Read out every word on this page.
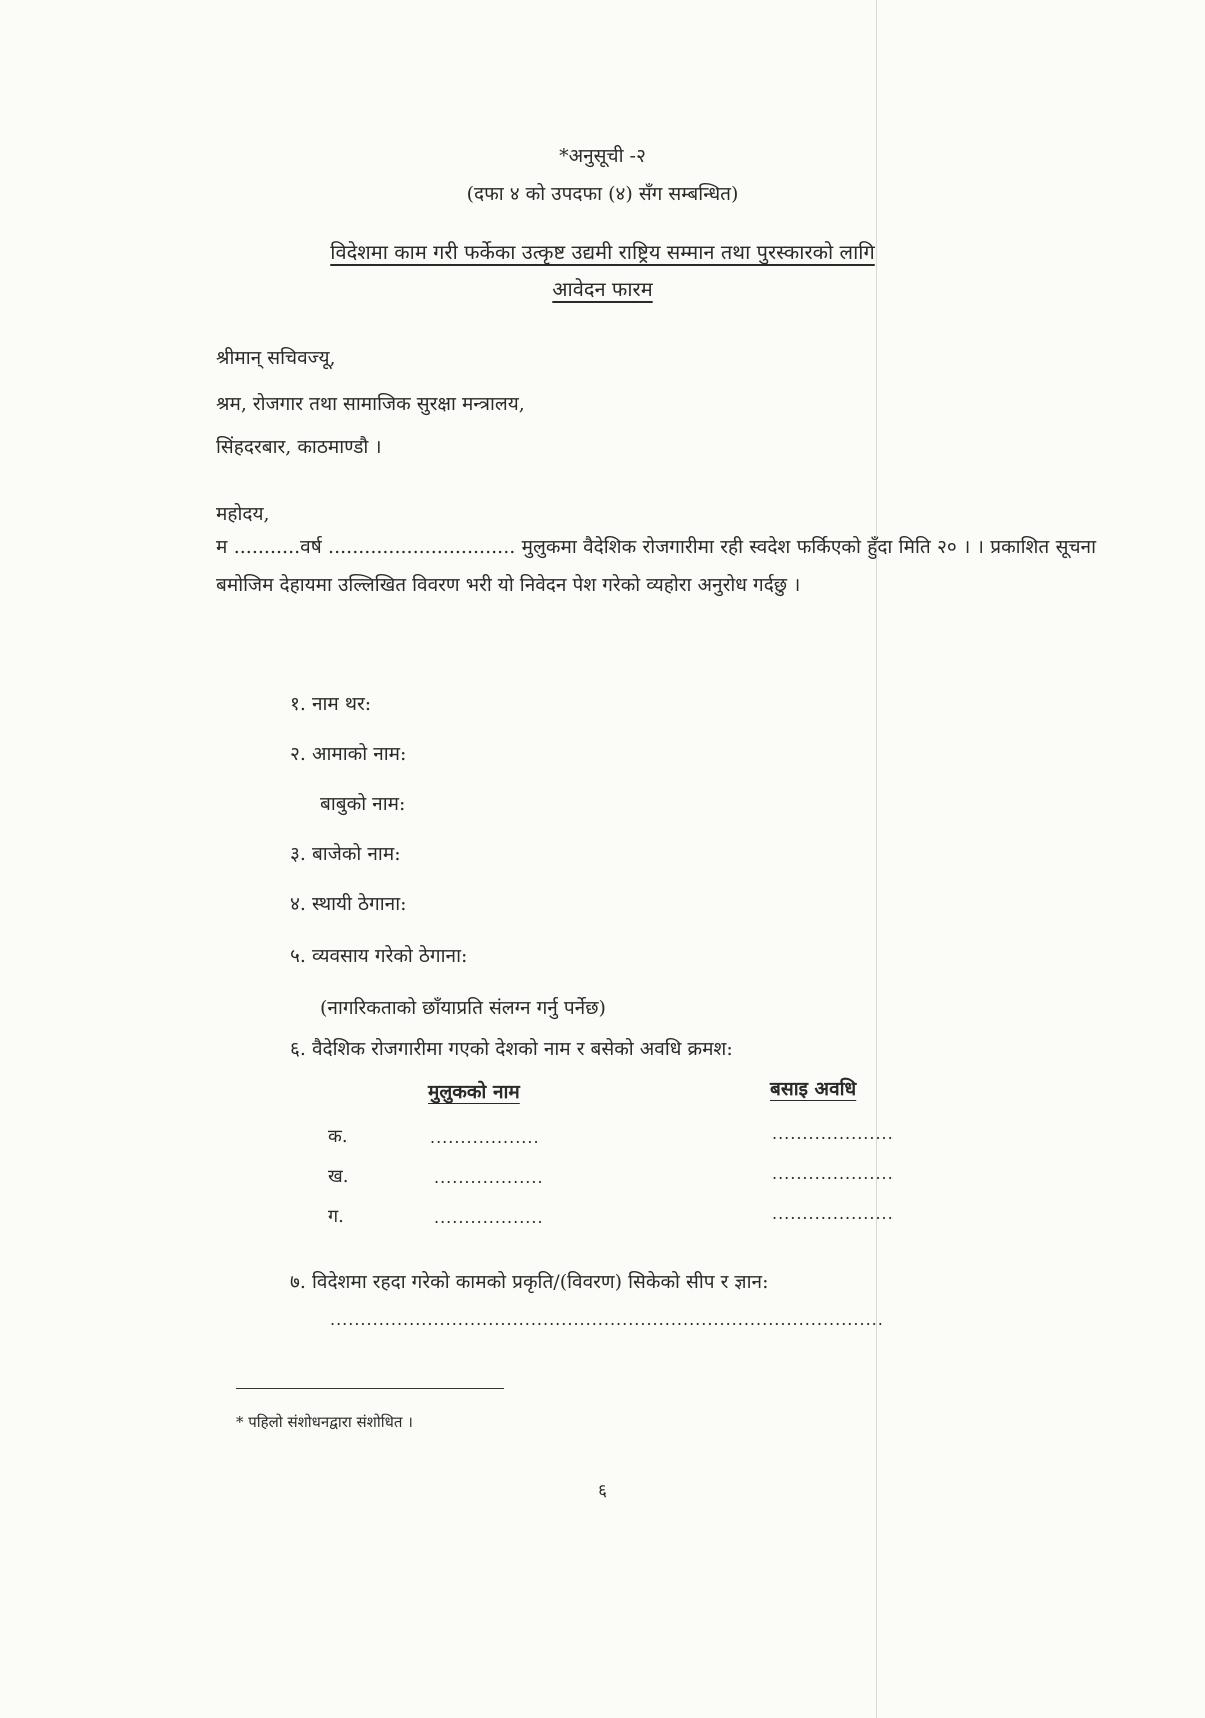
*अनुसूची -२
(दफा ४ को उपदफा (४) सँग सम्बन्धित)
विदेशमा काम गरी फर्केका उत्कृष्ट उद्यमी राष्ट्रिय सम्मान तथा पुरस्कारको लागि
आवेदन फारम
श्रीमान् सचिवज्यू,
श्रम, रोजगार तथा सामाजिक सुरक्षा मन्त्रालय,
सिंहदरबार, काठमाण्डौ ।
महोदय,
म ...........वर्ष ............................... मुलुकमा वैदेशिक रोजगारीमा रही स्वदेश फर्किएको हुँदा मिति २० । । प्रकाशित सूचना बमोजिम देहायमा उल्लिखित विवरण भरी यो निवेदन पेश गरेको व्यहोरा अनुरोध गर्दछु ।
१. नाम थर:
२. आमाको नाम:
बाबुको नाम:
३. बाजेको नाम:
४. स्थायी ठेगाना:
५. व्यवसाय गरेको ठेगाना:
(नागरिकताको छाँयाप्रति संलग्न गर्नु पर्नेछ)
६. वैदेशिक रोजगारीमा गएको देशको नाम र बसेको अवधि क्रमश:
मुलुकको नाम	बसाइ अवधि
क.	..................	....................
ख.	..................	....................
ग.	..................	....................
७. विदेशमा रहदा गरेको कामको प्रकृति/(विवरण) सिकेको सीप र ज्ञान:
...........................................................................................
* पहिलो संशोधनद्वारा संशोधित ।
६
